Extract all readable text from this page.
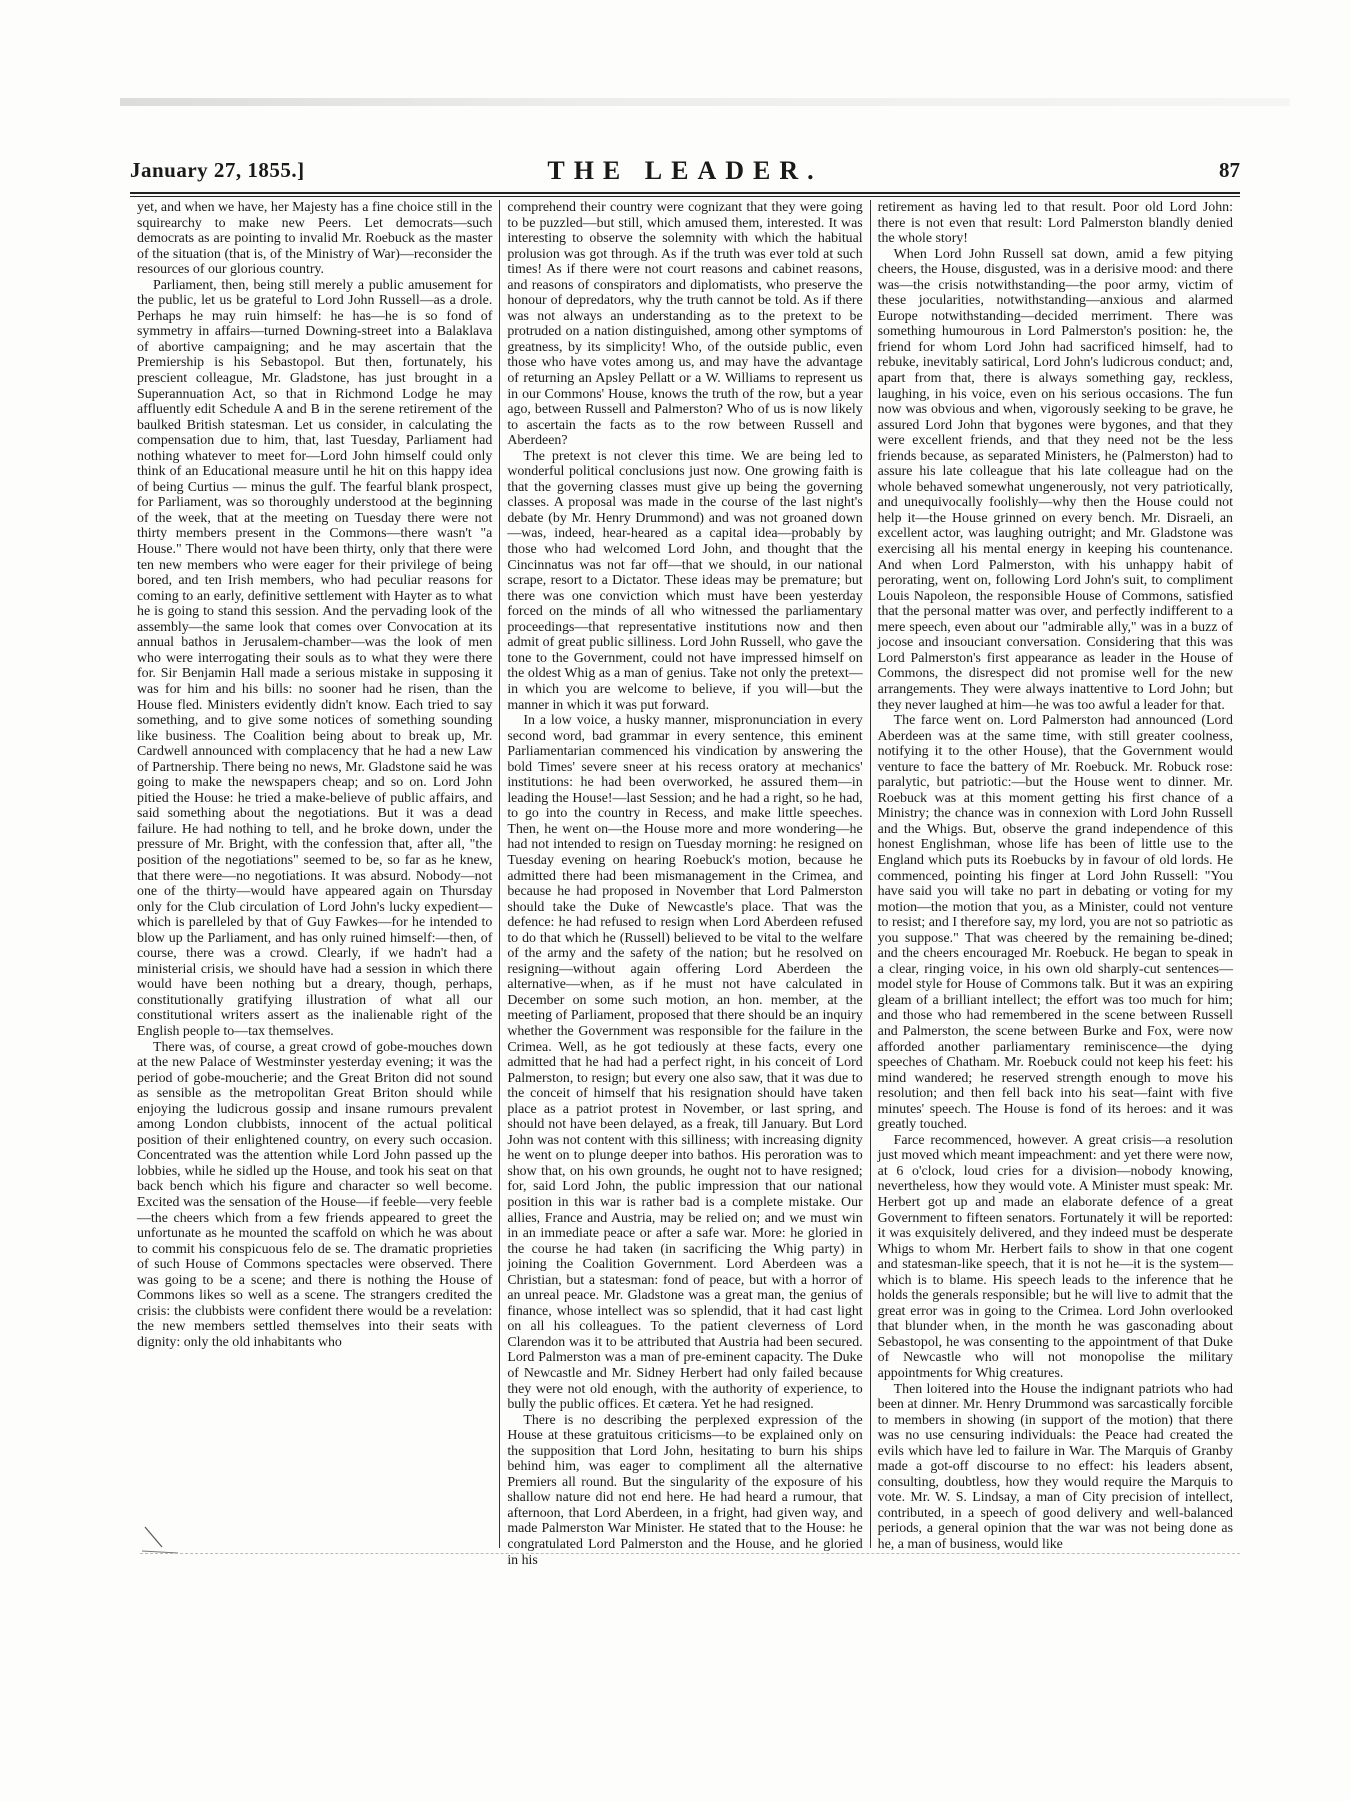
January 27, 1855.]	THE LEADER.	87

yet, and when we have, her Majesty has a fine choice still in the squirearchy to make new Peers. Let democrats—such democrats as are pointing to invalid Mr. Roebuck as the master of the situation (that is, of the Ministry of War)—reconsider the resources of our glorious country.

Parliament, then, being still merely a public amusement for the public, let us be grateful to Lord John Russell—as a drole. Perhaps he may ruin himself: he has—he is so fond of symmetry in affairs—turned Downing-street into a Balaklava of abortive campaigning; and he may ascertain that the Premiership is his Sebastopol. But then, fortunately, his prescient colleague, Mr. Gladstone, has just brought in a Superannuation Act, so that in Richmond Lodge he may affluently edit Schedule A and B in the serene retirement of the baulked British statesman. Let us consider, in calculating the compensation due to him, that, last Tuesday, Parliament had nothing whatever to meet for—Lord John himself could only think of an Educational measure until he hit on this happy idea of being Curtius — minus the gulf. The fearful blank prospect, for Parliament, was so thoroughly understood at the beginning of the week, that at the meeting on Tuesday there were not thirty members present in the Commons—there wasn't "a House." There would not have been thirty, only that there were ten new members who were eager for their privilege of being bored, and ten Irish members, who had peculiar reasons for coming to an early, definitive settlement with Hayter as to what he is going to stand this session. And the pervading look of the assembly—the same look that comes over Convocation at its annual bathos in Jerusalem-chamber—was the look of men who were interrogating their souls as to what they were there for. Sir Benjamin Hall made a serious mistake in supposing it was for him and his bills: no sooner had he risen, than the House fled. Ministers evidently didn't know. Each tried to say something, and to give some notices of something sounding like business. The Coalition being about to break up, Mr. Cardwell announced with complacency that he had a new Law of Partnership. There being no news, Mr. Gladstone said he was going to make the newspapers cheap; and so on. Lord John pitied the House: he tried a make-believe of public affairs, and said something about the negotiations. But it was a dead failure. He had nothing to tell, and he broke down, under the pressure of Mr. Bright, with the confession that, after all, "the position of the negotiations" seemed to be, so far as he knew, that there were—no negotiations. It was absurd. Nobody—not one of the thirty—would have appeared again on Thursday only for the Club circulation of Lord John's lucky expedient—which is parelleled by that of Guy Fawkes—for he intended to blow up the Parliament, and has only ruined himself:—then, of course, there was a crowd. Clearly, if we hadn't had a ministerial crisis, we should have had a session in which there would have been nothing but a dreary, though, perhaps, constitutionally gratifying illustration of what all our constitutional writers assert as the inalienable right of the English people to—tax themselves.

There was, of course, a great crowd of gobe-mouches down at the new Palace of Westminster yesterday evening; it was the period of gobe-moucherie; and the Great Briton did not sound as sensible as the metropolitan Great Briton should while enjoying the ludicrous gossip and insane rumours prevalent among London clubbists, innocent of the actual political position of their enlightened country, on every such occasion. Concentrated was the attention while Lord John passed up the lobbies, while he sidled up the House, and took his seat on that back bench which his figure and character so well become. Excited was the sensation of the House—if feeble—very feeble—the cheers which from a few friends appeared to greet the unfortunate as he mounted the scaffold on which he was about to commit his conspicuous felo de se. The dramatic proprieties of such House of Commons spectacles were observed. There was going to be a scene; and there is nothing the House of Commons likes so well as a scene. The strangers credited the crisis: the clubbists were confident there would be a revelation: the new members settled themselves into their seats with dignity: only the old inhabitants who

comprehend their country were cognizant that they were going to be puzzled—but still, which amused them, interested. It was interesting to observe the solemnity with which the habitual prolusion was got through. As if the truth was ever told at such times! As if there were not court reasons and cabinet reasons, and reasons of conspirators and diplomatists, who preserve the honour of depredators, why the truth cannot be told. As if there was not always an understanding as to the pretext to be protruded on a nation distinguished, among other symptoms of greatness, by its simplicity! Who, of the outside public, even those who have votes among us, and may have the advantage of returning an Apsley Pellatt or a W. Williams to represent us in our Commons' House, knows the truth of the row, but a year ago, between Russell and Palmerston? Who of us is now likely to ascertain the facts as to the row between Russell and Aberdeen?

The pretext is not clever this time. We are being led to wonderful political conclusions just now. One growing faith is that the governing classes must give up being the governing classes. A proposal was made in the course of the last night's debate (by Mr. Henry Drummond) and was not groaned down—was, indeed, hear-heared as a capital idea—probably by those who had welcomed Lord John, and thought that the Cincinnatus was not far off—that we should, in our national scrape, resort to a Dictator. These ideas may be premature; but there was one conviction which must have been yesterday forced on the minds of all who witnessed the parliamentary proceedings—that representative institutions now and then admit of great public silliness. Lord John Russell, who gave the tone to the Government, could not have impressed himself on the oldest Whig as a man of genius. Take not only the pretext—in which you are welcome to believe, if you will—but the manner in which it was put forward.

In a low voice, a husky manner, mispronunciation in every second word, bad grammar in every sentence, this eminent Parliamentarian commenced his vindication by answering the bold Times' severe sneer at his recess oratory at mechanics' institutions: he had been overworked, he assured them—in leading the House!—last Session; and he had a right, so he had, to go into the country in Recess, and make little speeches. Then, he went on—the House more and more wondering—he had not intended to resign on Tuesday morning: he resigned on Tuesday evening on hearing Roebuck's motion, because he admitted there had been mismanagement in the Crimea, and because he had proposed in November that Lord Palmerston should take the Duke of Newcastle's place. That was the defence: he had refused to resign when Lord Aberdeen refused to do that which he (Russell) believed to be vital to the welfare of the army and the safety of the nation; but he resolved on resigning—without again offering Lord Aberdeen the alternative—when, as if he must not have calculated in December on some such motion, an hon. member, at the meeting of Parliament, proposed that there should be an inquiry whether the Government was responsible for the failure in the Crimea. Well, as he got tediously at these facts, every one admitted that he had had a perfect right, in his conceit of Lord Palmerston, to resign; but every one also saw, that it was due to the conceit of himself that his resignation should have taken place as a patriot protest in November, or last spring, and should not have been delayed, as a freak, till January. But Lord John was not content with this silliness; with increasing dignity he went on to plunge deeper into bathos. His peroration was to show that, on his own grounds, he ought not to have resigned; for, said Lord John, the public impression that our national position in this war is rather bad is a complete mistake. Our allies, France and Austria, may be relied on; and we must win in an immediate peace or after a safe war. More: he gloried in the course he had taken (in sacrificing the Whig party) in joining the Coalition Government. Lord Aberdeen was a Christian, but a statesman: fond of peace, but with a horror of an unreal peace. Mr. Gladstone was a great man, the genius of finance, whose intellect was so splendid, that it had cast light on all his colleagues. To the patient cleverness of Lord Clarendon was it to be attributed that Austria had been secured. Lord Palmerston was a man of pre-eminent capacity. The Duke of Newcastle and Mr. Sidney Herbert had only failed because they were not old enough, with the authority of experience, to bully the public offices. Et cætera. Yet he had resigned.

There is no describing the perplexed expression of the House at these gratuitous criticisms—to be explained only on the supposition that Lord John, hesitating to burn his ships behind him, was eager to compliment all the alternative Premiers all round. But the singularity of the exposure of his shallow nature did not end here. He had heard a rumour, that afternoon, that Lord Aberdeen, in a fright, had given way, and made Palmerston War Minister. He stated that to the House: he congratulated Lord Palmerston and the House, and he gloried in his

retirement as having led to that result. Poor old Lord John: there is not even that result: Lord Palmerston blandly denied the whole story!

When Lord John Russell sat down, amid a few pitying cheers, the House, disgusted, was in a derisive mood: and there was—the crisis notwithstanding—the poor army, victim of these jocularities, notwithstanding—anxious and alarmed Europe notwithstanding—decided merriment. There was something humourous in Lord Palmerston's position: he, the friend for whom Lord John had sacrificed himself, had to rebuke, inevitably satirical, Lord John's ludicrous conduct; and, apart from that, there is always something gay, reckless, laughing, in his voice, even on his serious occasions. The fun now was obvious and when, vigorously seeking to be grave, he assured Lord John that bygones were bygones, and that they were excellent friends, and that they need not be the less friends because, as separated Ministers, he (Palmerston) had to assure his late colleague that his late colleague had on the whole behaved somewhat ungenerously, not very patriotically, and unequivocally foolishly—why then the House could not help it—the House grinned on every bench. Mr. Disraeli, an excellent actor, was laughing outright; and Mr. Gladstone was exercising all his mental energy in keeping his countenance. And when Lord Palmerston, with his unhappy habit of perorating, went on, following Lord John's suit, to compliment Louis Napoleon, the responsible House of Commons, satisfied that the personal matter was over, and perfectly indifferent to a mere speech, even about our "admirable ally," was in a buzz of jocose and insouciant conversation. Considering that this was Lord Palmerston's first appearance as leader in the House of Commons, the disrespect did not promise well for the new arrangements. They were always inattentive to Lord John; but they never laughed at him—he was too awful a leader for that.

The farce went on. Lord Palmerston had announced (Lord Aberdeen was at the same time, with still greater coolness, notifying it to the other House), that the Government would venture to face the battery of Mr. Roebuck. Mr. Robuck rose: paralytic, but patriotic:—but the House went to dinner. Mr. Roebuck was at this moment getting his first chance of a Ministry; the chance was in connexion with Lord John Russell and the Whigs. But, observe the grand independence of this honest Englishman, whose life has been of little use to the England which puts its Roebucks by in favour of old lords. He commenced, pointing his finger at Lord John Russell: "You have said you will take no part in debating or voting for my motion—the motion that you, as a Minister, could not venture to resist; and I therefore say, my lord, you are not so patriotic as you suppose." That was cheered by the remaining be-dined; and the cheers encouraged Mr. Roebuck. He began to speak in a clear, ringing voice, in his own old sharply-cut sentences—model style for House of Commons talk. But it was an expiring gleam of a brilliant intellect; the effort was too much for him; and those who had remembered in the scene between Russell and Palmerston, the scene between Burke and Fox, were now afforded another parliamentary reminiscence—the dying speeches of Chatham. Mr. Roebuck could not keep his feet: his mind wandered; he reserved strength enough to move his resolution; and then fell back into his seat—faint with five minutes' speech. The House is fond of its heroes: and it was greatly touched.

Farce recommenced, however. A great crisis—a resolution just moved which meant impeachment: and yet there were now, at 6 o'clock, loud cries for a division—nobody knowing, nevertheless, how they would vote. A Minister must speak: Mr. Herbert got up and made an elaborate defence of a great Government to fifteen senators. Fortunately it will be reported: it was exquisitely delivered, and they indeed must be desperate Whigs to whom Mr. Herbert fails to show in that one cogent and statesman-like speech, that it is not he—it is the system—which is to blame. His speech leads to the inference that he holds the generals responsible; but he will live to admit that the great error was in going to the Crimea. Lord John overlooked that blunder when, in the month he was gasconading about Sebastopol, he was consenting to the appointment of that Duke of Newcastle who will not monopolise the military appointments for Whig creatures.

Then loitered into the House the indignant patriots who had been at dinner. Mr. Henry Drummond was sarcastically forcible to members in showing (in support of the motion) that there was no use censuring individuals: the Peace had created the evils which have led to failure in War. The Marquis of Granby made a got-off discourse to no effect: his leaders absent, consulting, doubtless, how they would require the Marquis to vote. Mr. W. S. Lindsay, a man of City precision of intellect, contributed, in a speech of good delivery and well-balanced periods, a general opinion that the war was not being done as he, a man of business, would like
